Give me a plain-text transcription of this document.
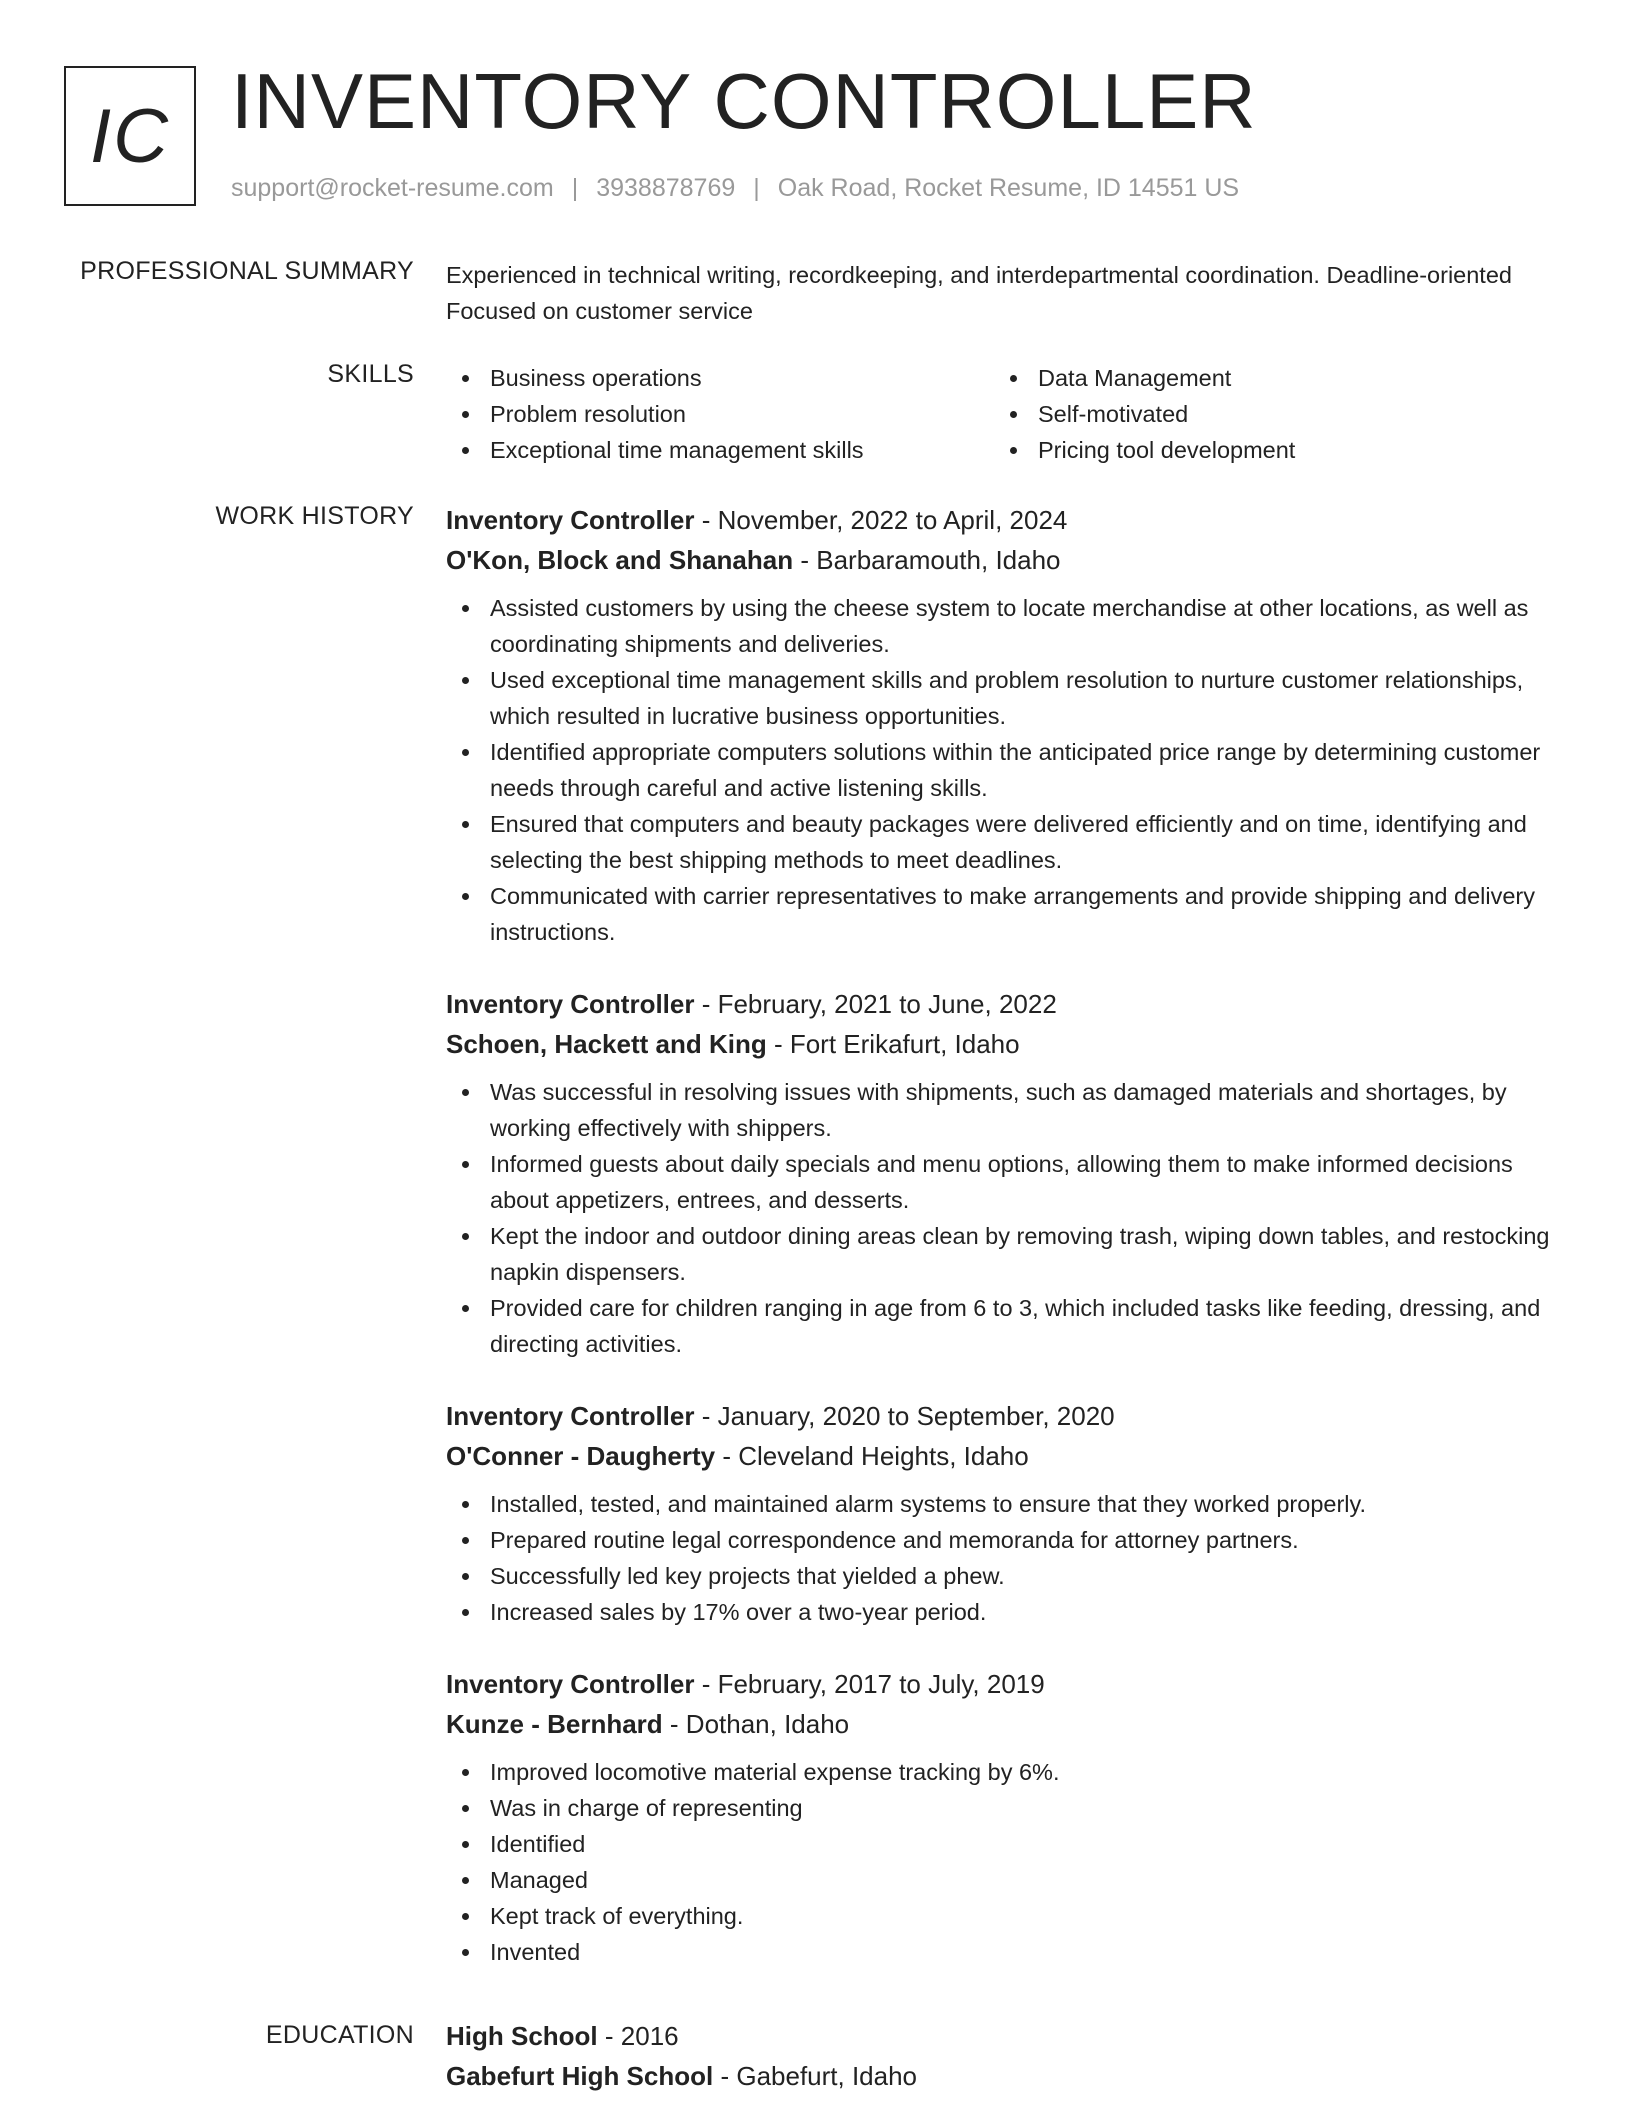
IC INVENTORY CONTROLLER
support@rocket-resume.com | 3938878769 | Oak Road, Rocket Resume, ID 14551 US
PROFESSIONAL SUMMARY Experienced in technical writing, recordkeeping, and interdepartmental coordination. Deadline-oriented Focused on customer service

SKILLS	Business operations
Problem resolution
Exceptional time management skills
Data Management
Self-motivated
Pricing tool development
WORK HISTORY Inventory Controller - November, 2022 to April, 2024
O'Kon, Block and Shanahan - Barbaramouth, Idaho
Assisted customers by using the cheese system to locate merchandise at other locations, as well as coordinating shipments and deliveries.
Used exceptional time management skills and problem resolution to nurture customer relationships, which resulted in lucrative business opportunities.
Identified appropriate computers solutions within the anticipated price range by determining customer needs through careful and active listening skills.
Ensured that computers and beauty packages were delivered efficiently and on time, identifying and selecting the best shipping methods to meet deadlines.
Communicated with carrier representatives to make arrangements and provide shipping and delivery instructions.
Inventory Controller - February, 2021 to June, 2022
Schoen, Hackett and King - Fort Erikafurt, Idaho
Was successful in resolving issues with shipments, such as damaged materials and shortages, by working effectively with shippers.
Informed guests about daily specials and menu options, allowing them to make informed decisions about appetizers, entrees, and desserts.
Kept the indoor and outdoor dining areas clean by removing trash, wiping down tables, and restocking napkin dispensers.
Provided care for children ranging in age from 6 to 3, which included tasks like feeding, dressing, and directing activities.
Inventory Controller - January, 2020 to September, 2020
O'Conner - Daugherty - Cleveland Heights, Idaho
Installed, tested, and maintained alarm systems to ensure that they worked properly.
Prepared routine legal correspondence and memoranda for attorney partners.
Successfully led key projects that yielded a phew.
Increased sales by 17% over a two-year period.
Inventory Controller - February, 2017 to July, 2019
Kunze - Bernhard - Dothan, Idaho
Improved locomotive material expense tracking by 6%.
Was in charge of representing
Identified
Managed
Kept track of everything.
Invented
EDUCATION High School - 2016
Gabefurt High School - Gabefurt, Idaho
